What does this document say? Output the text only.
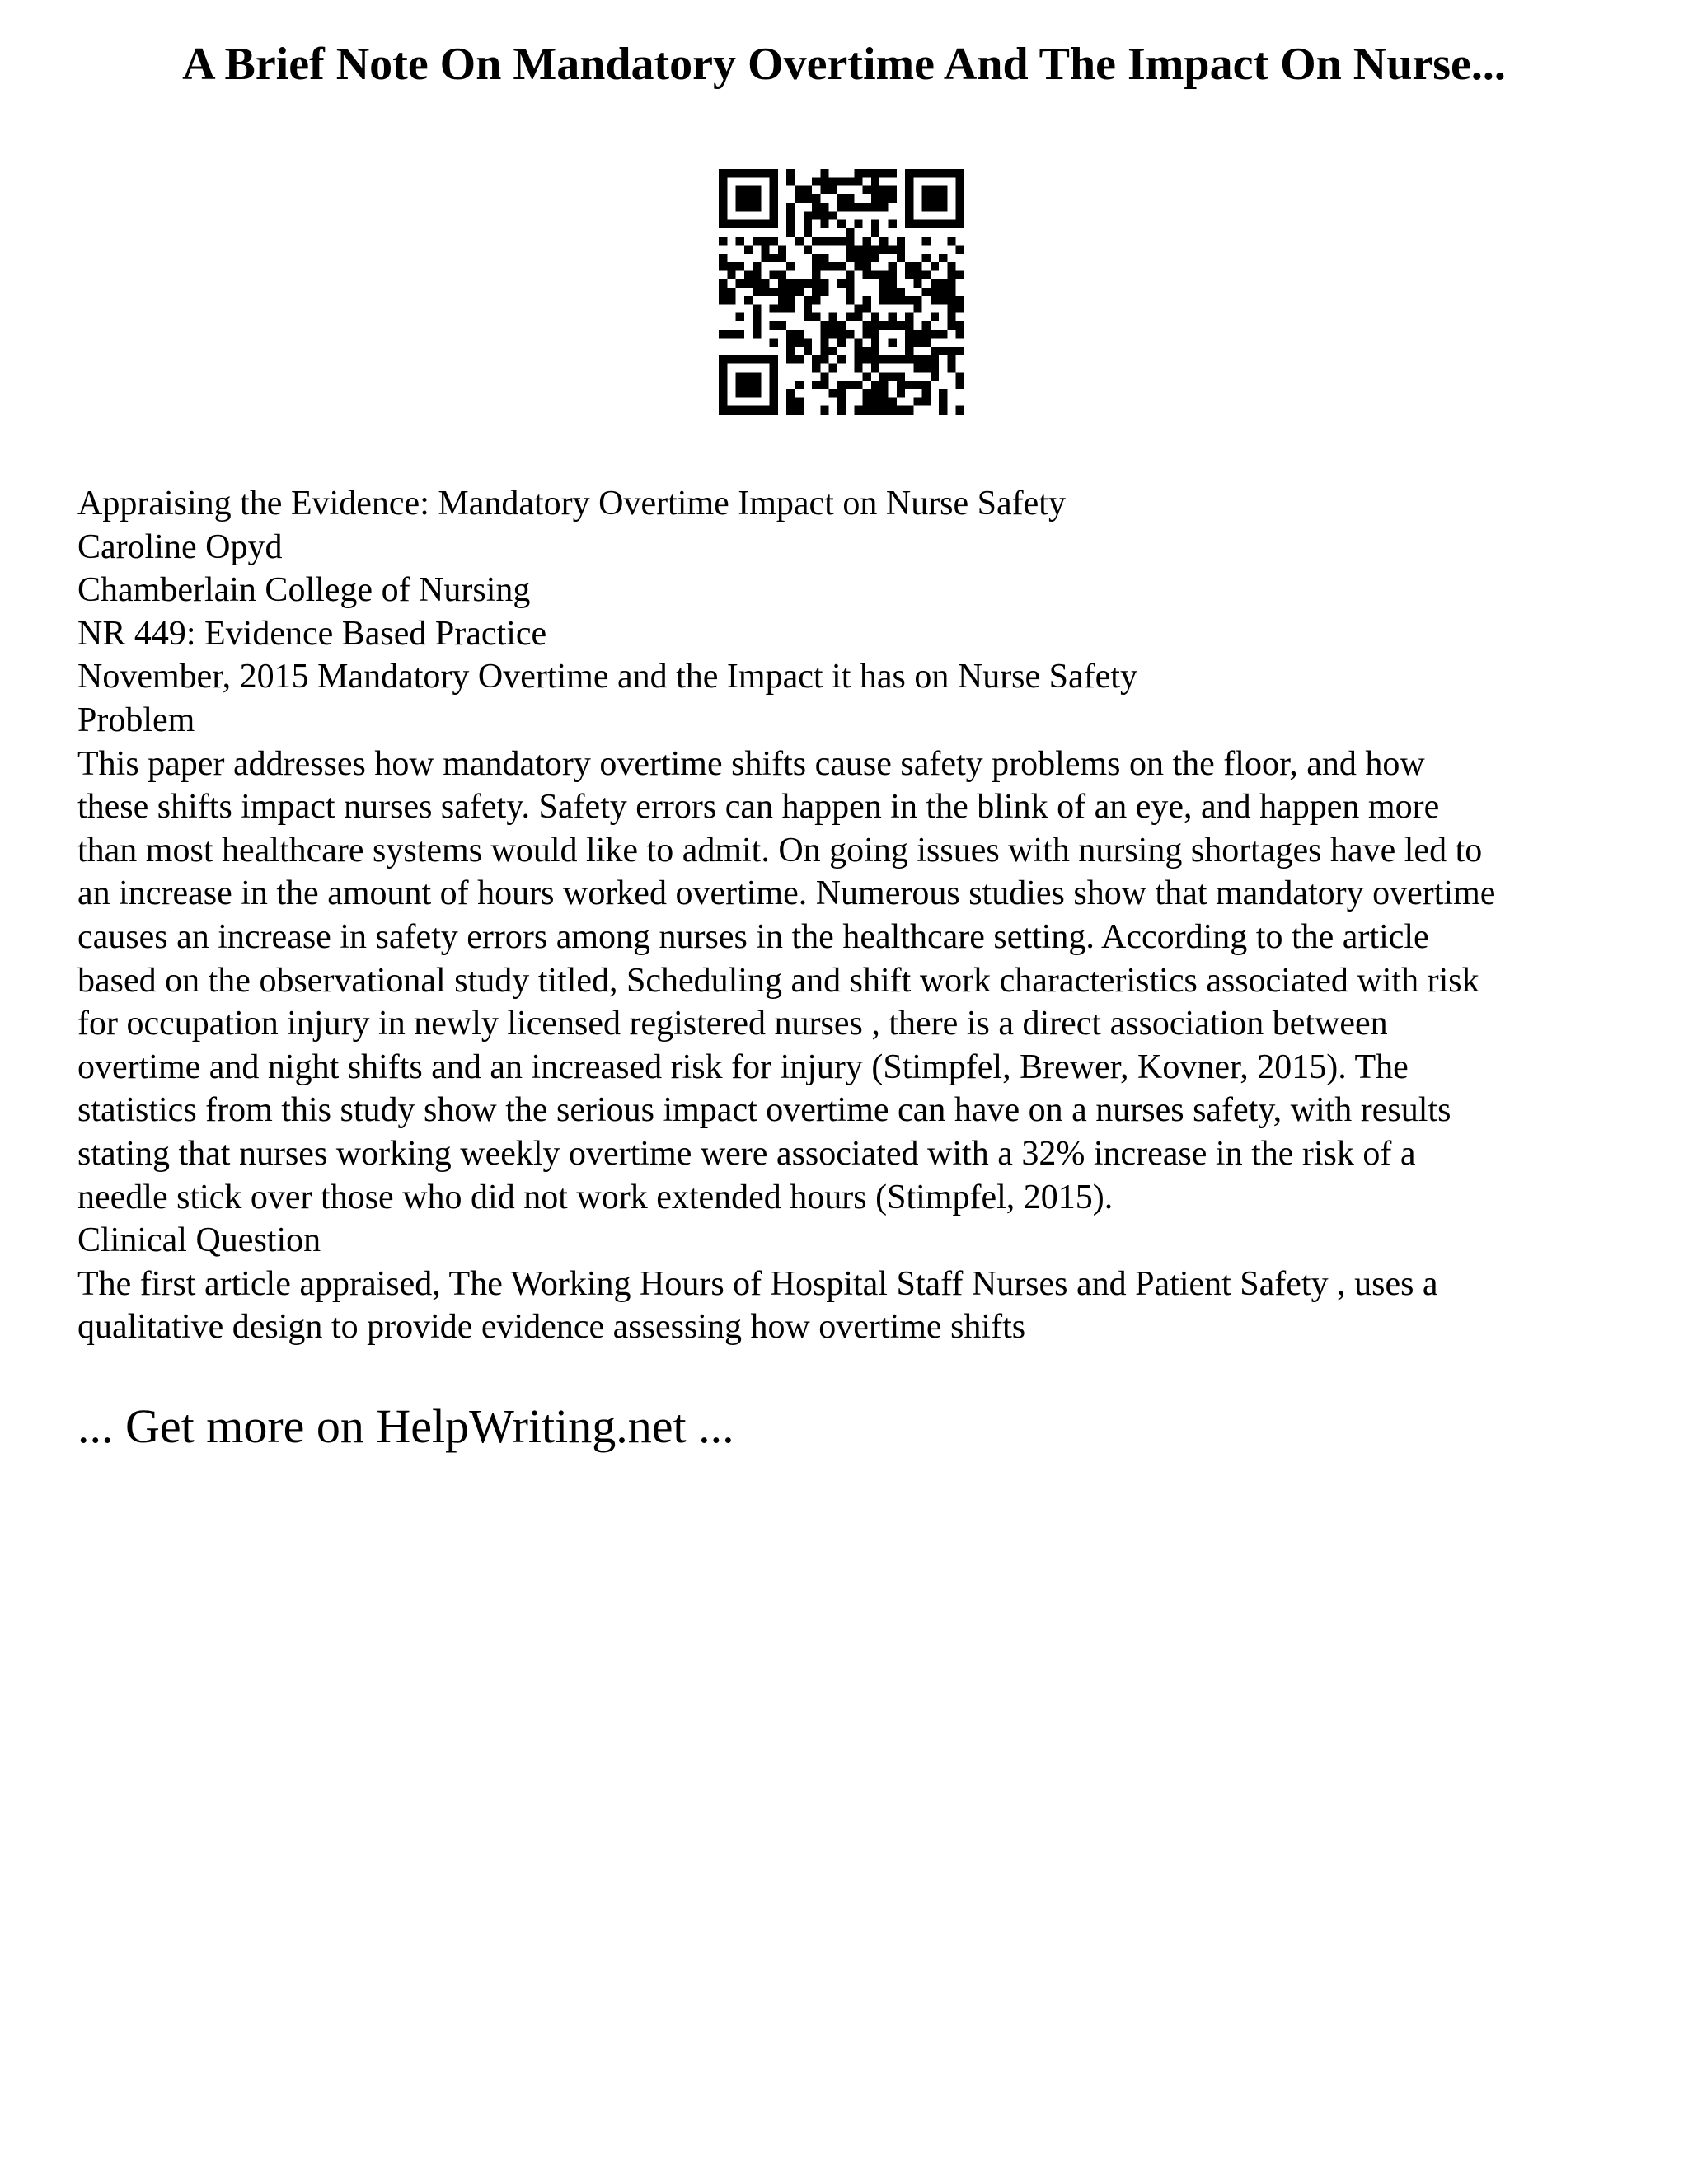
A Brief Note On Mandatory Overtime And The Impact On Nurse...
Appraising the Evidence: Mandatory Overtime Impact on Nurse Safety
Caroline Opyd
Chamberlain College of Nursing
NR 449: Evidence Based Practice
November, 2015 Mandatory Overtime and the Impact it has on Nurse Safety
Problem
This paper addresses how mandatory overtime shifts cause safety problems on the floor, and how
these shifts impact nurses safety. Safety errors can happen in the blink of an eye, and happen more
than most healthcare systems would like to admit. On going issues with nursing shortages have led to
an increase in the amount of hours worked overtime. Numerous studies show that mandatory overtime
causes an increase in safety errors among nurses in the healthcare setting. According to the article
based on the observational study titled, Scheduling and shift work characteristics associated with risk
for occupation injury in newly licensed registered nurses , there is a direct association between
overtime and night shifts and an increased risk for injury (Stimpfel, Brewer, Kovner, 2015). The
statistics from this study show the serious impact overtime can have on a nurses safety, with results
stating that nurses working weekly overtime were associated with a 32% increase in the risk of a
needle stick over those who did not work extended hours (Stimpfel, 2015).
Clinical Question
The first article appraised, The Working Hours of Hospital Staff Nurses and Patient Safety , uses a
qualitative design to provide evidence assessing how overtime shifts
... Get more on HelpWriting.net ...
